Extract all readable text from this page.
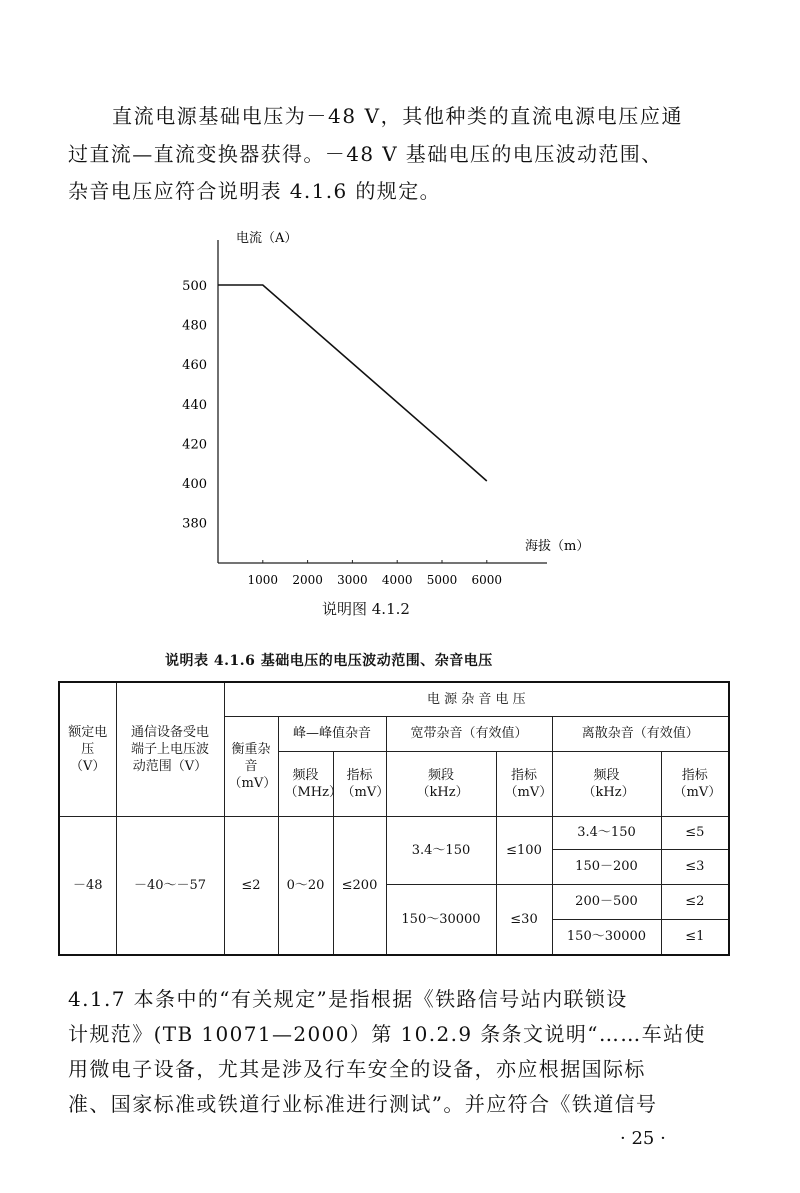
直流电源基础电压为－48 V，其他种类的直流电源电压应通
过直流—直流变换器获得。－48 V 基础电压的电压波动范围、
杂音电压应符合说明表 4.1.6 的规定。
电流（A）
海拔（m）
500
480
460
440
420
400
380
1000 2000 3000 4000 5000 6000
说明图 4.1.2
说明表 4.1.6 基础电压的电压波动范围、杂音电压
额定电压（V）	通信设备受电端子上电压波动范围（V）	电 源 杂 音 电 压						
		衡重杂音（mV）	峰—峰值杂音		宽带杂音（有效值）		离散杂音（有效值）	
			频段（MHz）	指标（mV）	频段（kHz）	指标（mV）	频段（kHz）	指标（mV）
－48	－40～－57	≤2	0～20	≤200	3.4～150	≤100	3.4～150	≤5
							150－200	≤3
					150～30000	≤30	200－500	≤2
							150～30000	≤1
4.1.7 本条中的“有关规定”是指根据《铁路信号站内联锁设
计规范》(TB 10071—2000）第 10.2.9 条条文说明“……车站使
用微电子设备，尤其是涉及行车安全的设备，亦应根据国际标
准、国家标准或铁道行业标准进行测试”。并应符合《铁道信号
· 25 ·
